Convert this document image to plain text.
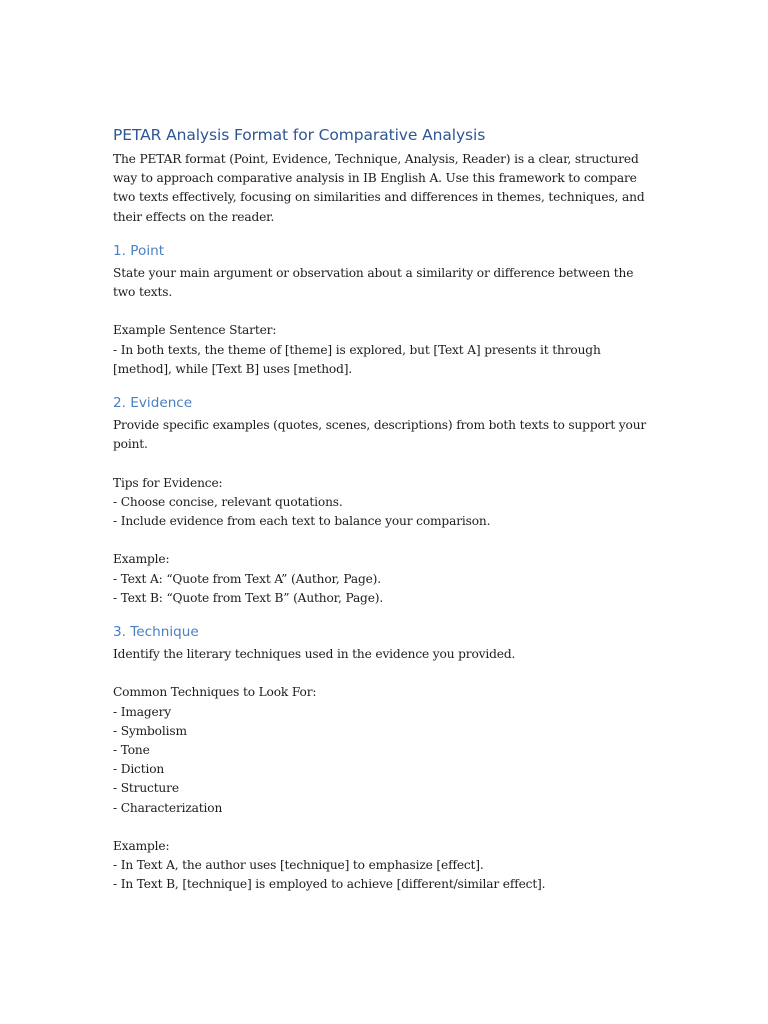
PETAR Analysis Format for Comparative Analysis

The PETAR format (Point, Evidence, Technique, Analysis, Reader) is a clear, structured way to approach comparative analysis in IB English A. Use this framework to compare two texts effectively, focusing on similarities and differences in themes, techniques, and their effects on the reader.

1. Point

State your main argument or observation about a similarity or difference between the two texts.

Example Sentence Starter:

- In both texts, the theme of [theme] is explored, but [Text A] presents it through [method], while [Text B] uses [method].

2. Evidence

Provide specific examples (quotes, scenes, descriptions) from both texts to support your point.

Tips for Evidence:
- Choose concise, relevant quotations.
- Include evidence from each text to balance your comparison.
Example:
- Text A: “Quote from Text A” (Author, Page).
- Text B: “Quote from Text B” (Author, Page).
3. Technique

Identify the literary techniques used in the evidence you provided.

Common Techniques to Look For:
- Imagery
- Symbolism
- Tone
- Diction
- Structure
- Characterization
Example:
- In Text A, the author uses [technique] to emphasize [effect].
- In Text B, [technique] is employed to achieve [different/similar effect].
